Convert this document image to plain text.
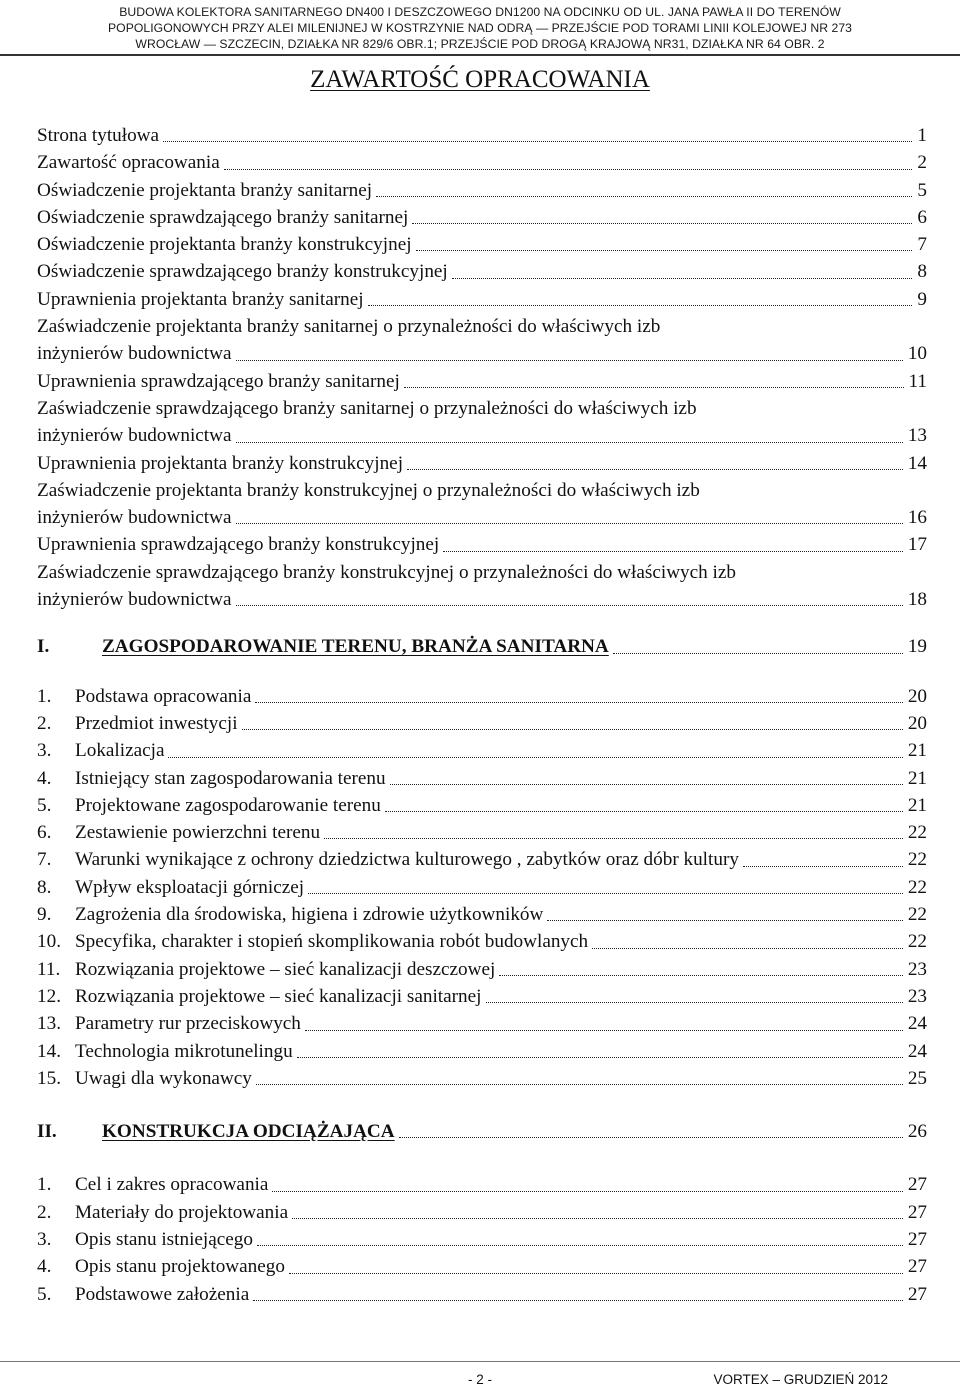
BUDOWA KOLEKTORA SANITARNEGO DN400 I DESZCZOWEGO DN1200 NA ODCINKU OD UL. JANA PAWŁA II DO TERENÓW
POPOLIGONOWYCH PRZY ALEI MILENIJNEJ W KOSTRZYNIE NAD ODRĄ — PRZEJŚCIE POD TORAMI LINII KOLEJOWEJ NR 273
WROCŁAW — SZCZECIN, DZIAŁKA NR 829/6 OBR.1; PRZEJŚCIE POD DROGĄ KRAJOWĄ NR31, DZIAŁKA NR 64 OBR. 2
ZAWARTOŚĆ OPRACOWANIA
Strona tytułowa	1
Zawartość opracowania	2
Oświadczenie projektanta branży sanitarnej	5
Oświadczenie sprawdzającego branży sanitarnej	6
Oświadczenie projektanta branży konstrukcyjnej	7
Oświadczenie sprawdzającego branży konstrukcyjnej	8
Uprawnienia projektanta branży sanitarnej	9
Zaświadczenie projektanta branży sanitarnej o przynależności do właściwych izb
inżynierów budownictwa	10
Uprawnienia sprawdzającego branży sanitarnej	11
Zaświadczenie sprawdzającego branży sanitarnej o przynależności do właściwych izb
inżynierów budownictwa	13
Uprawnienia projektanta branży konstrukcyjnej	14
Zaświadczenie projektanta branży konstrukcyjnej o przynależności do właściwych izb
inżynierów budownictwa	16
Uprawnienia sprawdzającego branży konstrukcyjnej	17
Zaświadczenie sprawdzającego branży konstrukcyjnej o przynależności do właściwych izb
inżynierów budownictwa	18
I.	ZAGOSPODAROWANIE TERENU, BRANŻA SANITARNA	19
1. Podstawa opracowania	20
2. Przedmiot inwestycji	20
3. Lokalizacja	21
4. Istniejący stan zagospodarowania terenu	21
5. Projektowane zagospodarowanie terenu	21
6. Zestawienie powierzchni terenu	22
7. Warunki wynikające z ochrony dziedzictwa kulturowego , zabytków oraz dóbr kultury	22
8. Wpływ eksploatacji górniczej	22
9. Zagrożenia dla środowiska, higiena i zdrowie użytkowników	22
10. Specyfika, charakter i stopień skomplikowania robót budowlanych	22
11. Rozwiązania projektowe – sieć kanalizacji deszczowej	23
12. Rozwiązania projektowe – sieć kanalizacji sanitarnej	23
13. Parametry rur przeciskowych	24
14. Technologia mikrotunelingu	24
15. Uwagi dla wykonawcy	25
II. KONSTRUKCJA ODCIĄŻAJĄCA	26
1. Cel i zakres opracowania	27
2. Materiały do projektowania	27
3. Opis stanu istniejącego	27
4. Opis stanu projektowanego	27
5. Podstawowe założenia	27
- 2 -	VORTEX – GRUDZIEŃ 2012
